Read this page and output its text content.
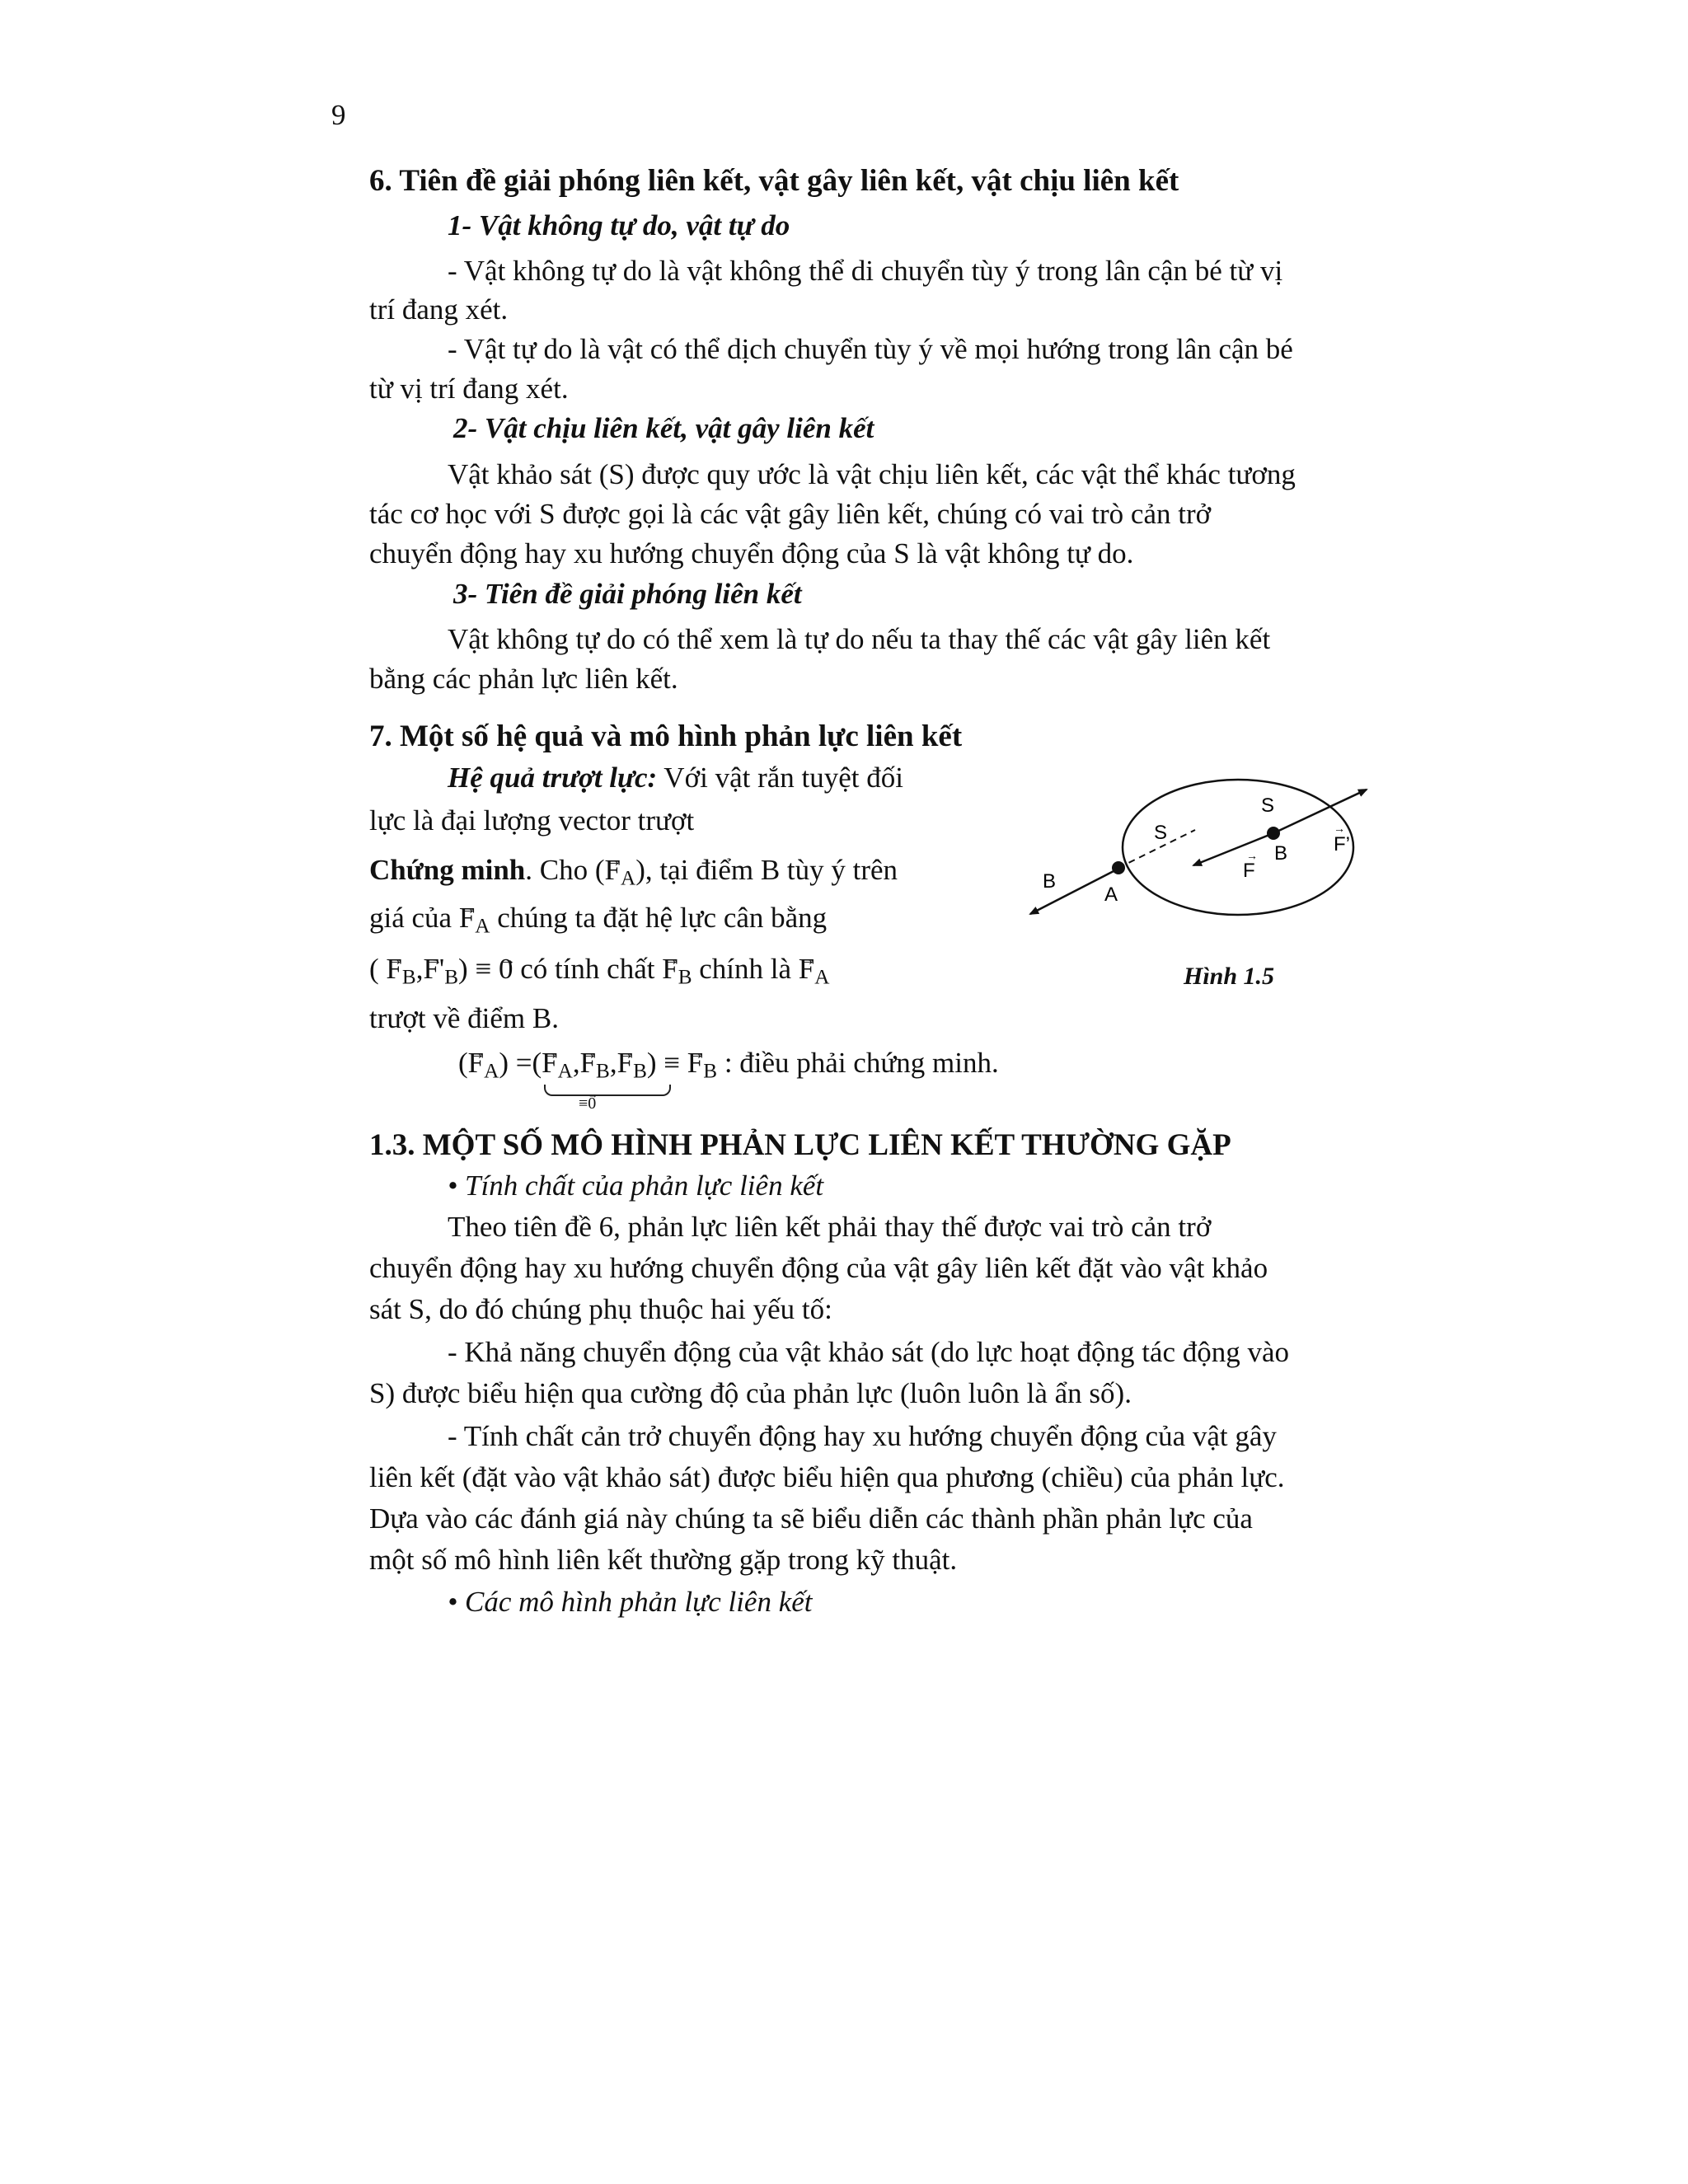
9
6. Tiên đề giải phóng liên kết, vật gây liên kết, vật chịu liên kết
1- Vật không tự do, vật tự do
- Vật không tự do là vật không thể di chuyển tùy ý trong lân cận bé từ vị
trí đang xét.
- Vật tự do là vật có thể dịch chuyển tùy ý về mọi hướng trong lân cận bé
từ vị trí đang xét.
2- Vật chịu liên kết, vật gây liên kết
Vật khảo sát (S) được quy ước là vật chịu liên kết, các vật thể khác tương
tác cơ học với S được gọi là các vật gây liên kết, chúng có vai trò cản trở
chuyển động hay xu hướng chuyển động của S là vật không tự do.
3- Tiên đề giải phóng liên kết
Vật không tự do có thể xem là tự do nếu ta thay thế các vật gây liên kết
bằng các phản lực liên kết.
7. Một số hệ quả và mô hình phản lực liên kết
Hệ quả trượt lực: Với vật rắn tuyệt đối
lực là đại lượng vector trượt
Chứng minh. Cho (→ $F_A$), tại điểm B tùy ý trên
giá của → $F_A$ chúng ta đặt hệ lực cân bằng
( → $F_B,\to F'_B$) ≡ → 0 có tính chất → $F_B$ chính là → $F_A$
trượt về điểm B.
(→ $F_A$) =(→ $F_A,\to F_B,\to F_B$) ≡ → $F_B$ : điều phải chứng minh.
≡→ 0
S
S
B
F
→	F’
→
B
A
Hình 1.5
1.3. MỘT SỐ MÔ HÌNH PHẢN LỰC LIÊN KẾT THƯỜNG GẶP
• Tính chất của phản lực liên kết
Theo tiên đề 6, phản lực liên kết phải thay thế được vai trò cản trở
chuyển động hay xu hướng chuyển động của vật gây liên kết đặt vào vật khảo
sát S, do đó chúng phụ thuộc hai yếu tố:
- Khả năng chuyển động của vật khảo sát (do lực hoạt động tác động vào
S) được biểu hiện qua cường độ của phản lực (luôn luôn là ẩn số).
- Tính chất cản trở chuyển động hay xu hướng chuyển động của vật gây
liên kết (đặt vào vật khảo sát) được biểu hiện qua phương (chiều) của phản lực.
Dựa vào các đánh giá này chúng ta sẽ biểu diễn các thành phần phản lực của
một số mô hình liên kết thường gặp trong kỹ thuật.
• Các mô hình phản lực liên kết
